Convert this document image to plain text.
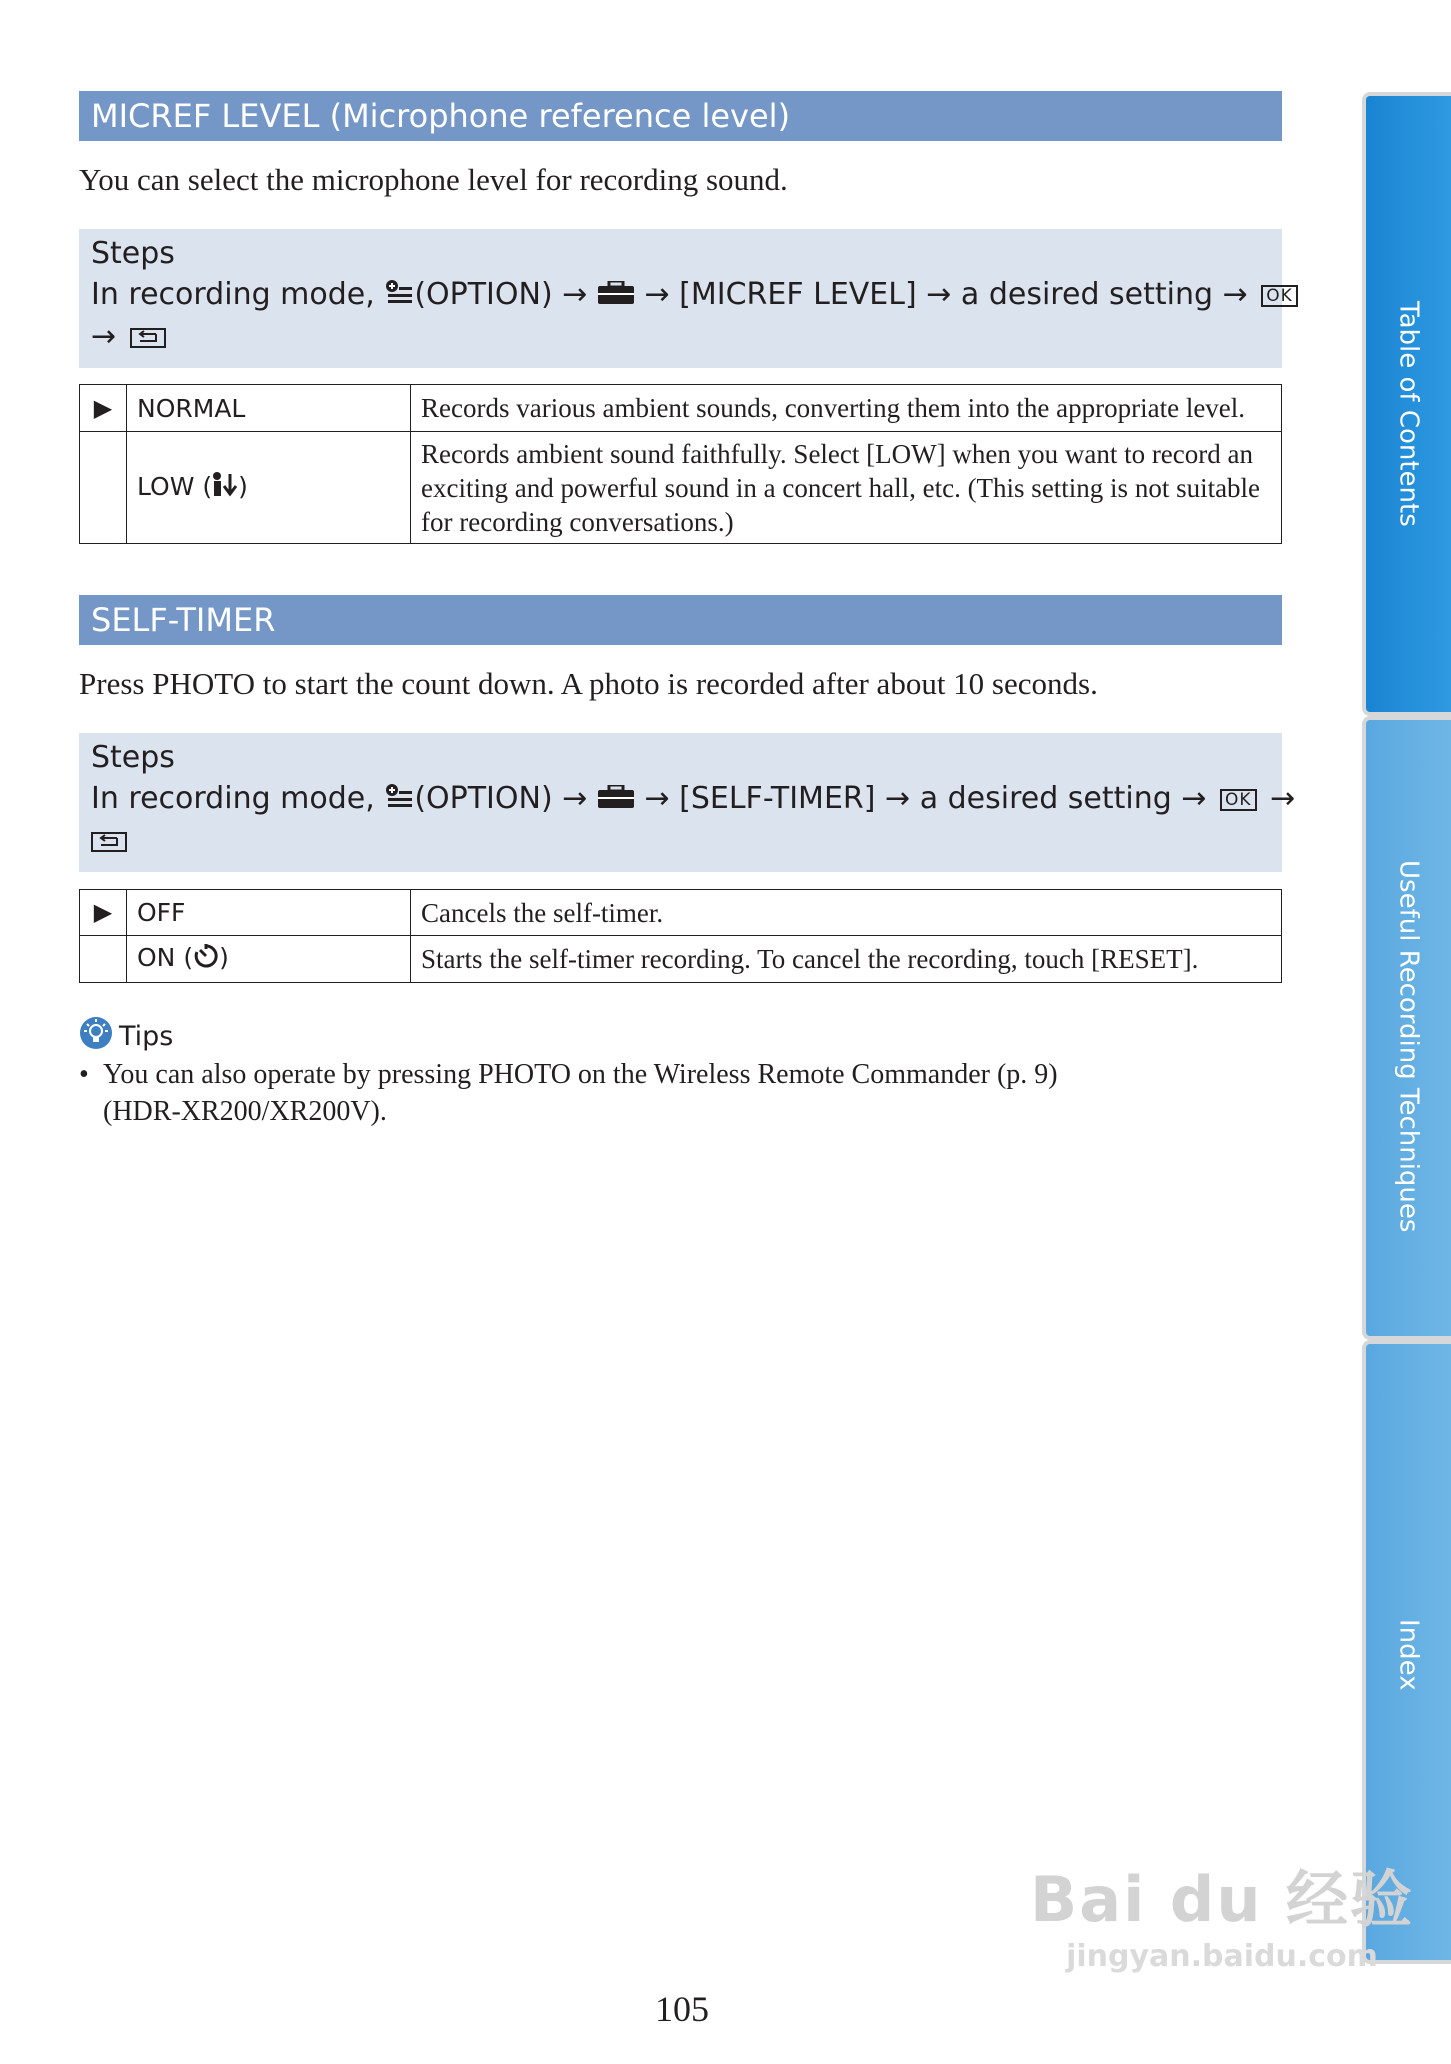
MICREF LEVEL (Microphone reference level)
You can select the microphone level for recording sound.
Steps
In recording mode, (OPTION) → → [MICREF LEVEL] → a desired setting → OK
→
▶	NORMAL	Records various ambient sounds, converting them into the appropriate level.
	LOW ( )	Records ambient sound faithfully. Select [LOW] when you want to record an exciting and powerful sound in a concert hall, etc. (This setting is not suitable for recording conversations.)
SELF-TIMER
Press PHOTO to start the count down. A photo is recorded after about 10 seconds.
Steps
In recording mode, (OPTION) → → [SELF-TIMER] → a desired setting → OK →
▶	OFF	Cancels the self-timer.
	ON ( )	Starts the self-timer recording. To cancel the recording, touch [RESET].
Tips
• You can also operate by pressing PHOTO on the Wireless Remote Commander (p. 9)
(HDR-XR200/XR200V).
105
Table of Contents
Useful Recording Techniques
Index
Bai du 经验
jingyan.baidu.com
